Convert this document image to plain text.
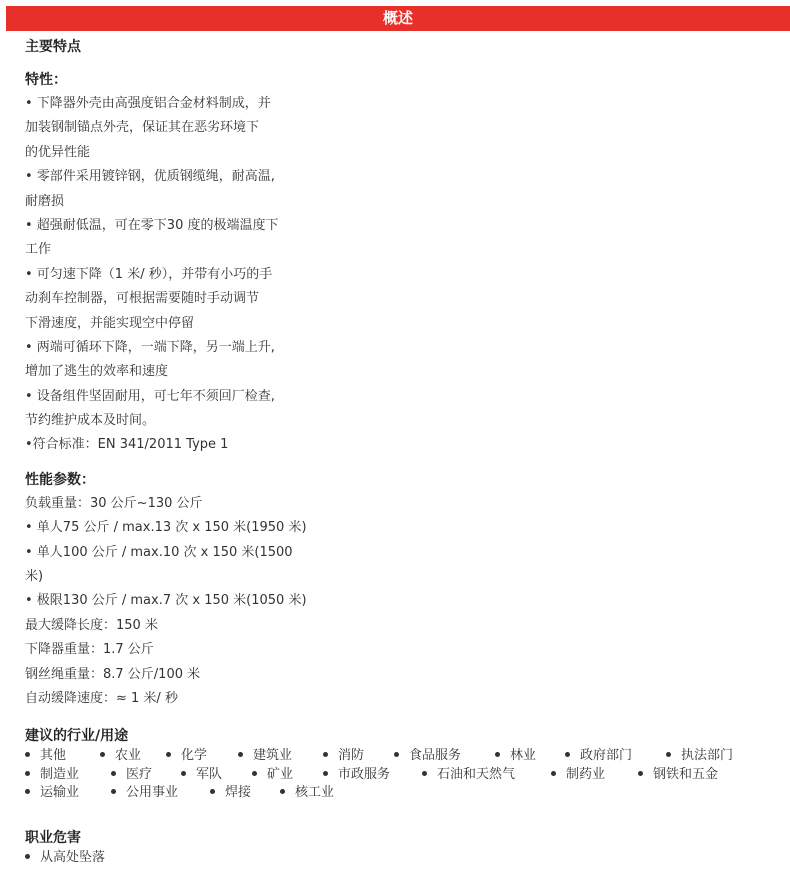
概述
主要特点
特性：
• 下降器外壳由高强度铝合金材料制成，并
加装钢制锚点外壳，保证其在恶劣环境下
的优异性能
• 零部件采用镀锌钢，优质钢缆绳，耐高温,
耐磨损
• 超强耐低温，可在零下30 度的极端温度下
工作
• 可匀速下降（1 米/ 秒），并带有小巧的手
动刹车控制器，可根据需要随时手动调节
下滑速度，并能实现空中停留
• 两端可循环下降，一端下降，另一端上升,
增加了逃生的效率和速度
• 设备组件坚固耐用，可七年不须回厂检查,
节约维护成本及时间。
•符合标准：EN 341/2011 Type 1
性能参数：
负载重量：30 公斤~130 公斤
• 单人75 公斤 / max.13 次 x 150 米(1950 米)
• 单人100 公斤 / max.10 次 x 150 米(1500
米)
• 极限130 公斤 / max.7 次 x 150 米(1050 米)
最大缓降长度：150 米
下降器重量：1.7 公斤
钢丝绳重量：8.7 公斤/100 米
自动缓降速度：≈ 1 米/ 秒
建议的行业/用途
其他	农业	化学	建筑业	消防	食品服务	林业	政府部门	执法部门
制造业	医疗	军队	矿业	市政服务	石油和天然气	制药业	钢铁和五金
运输业	公用事业	焊接	核工业
职业危害
从高处坠落
